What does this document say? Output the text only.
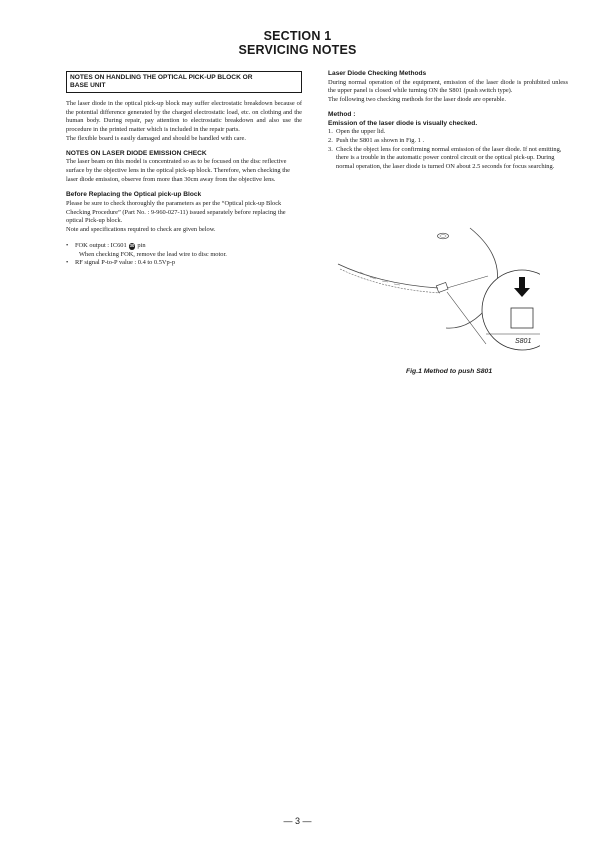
SECTION 1
SERVICING NOTES
NOTES ON HANDLING THE OPTICAL PICK-UP BLOCK OR
BASE UNIT

The laser diode in the optical pick-up block may suffer electrostatic breakdown because of the potential difference generated by the charged electrostatic load, etc. on clothing and the human body. During repair, pay attention to electrostatic breakdown and also use the procedure in the printed matter which is included in the repair parts.

The flexible board is easily damaged and should be handled with care.

NOTES ON LASER DIODE EMISSION CHECK

The laser beam on this model is concentrated so as to be focused on the disc reflective surface by the objective lens in the optical pick-up block. Therefore, when checking the laser diode emission, observe from more than 30cm away from the objective lens.

Before Replacing the Optical pick-up Block

Please be sure to check thoroughly the parameters as per the “Optical pick-up Block Checking Procedure” (Part No. : 9-960-027-11) issued separately before replacing the optical Pick-up block.

Note and specifications required to check are given below.

•	FOK output : IC601 30 pin
When checking FOK, remove the lead wire to disc motor.
•	RF signal P-to-P value : 0.4 to 0.5Vp-p

Laser Diode Checking Methods

During normal operation of the equipment, emission of the laser diode is prohibited unless the upper panel is closed while turning ON the S801 (push switch type).

The following two checking methods for the laser diode are operable.

Method :

Emission of the laser diode is visually checked.

1. Open the upper lid.
2. Push the S801 as shown in Fig. 1 .
3. Check the object lens for confirming normal emission of the laser diode. If not emitting, there is a trouble in the automatic power control circuit or the optical pick-up. During normal operation, the laser diode is turned ON about 2.5 seconds for focus searching.
S801
Fig.1 Method to push S801
— 3 —
